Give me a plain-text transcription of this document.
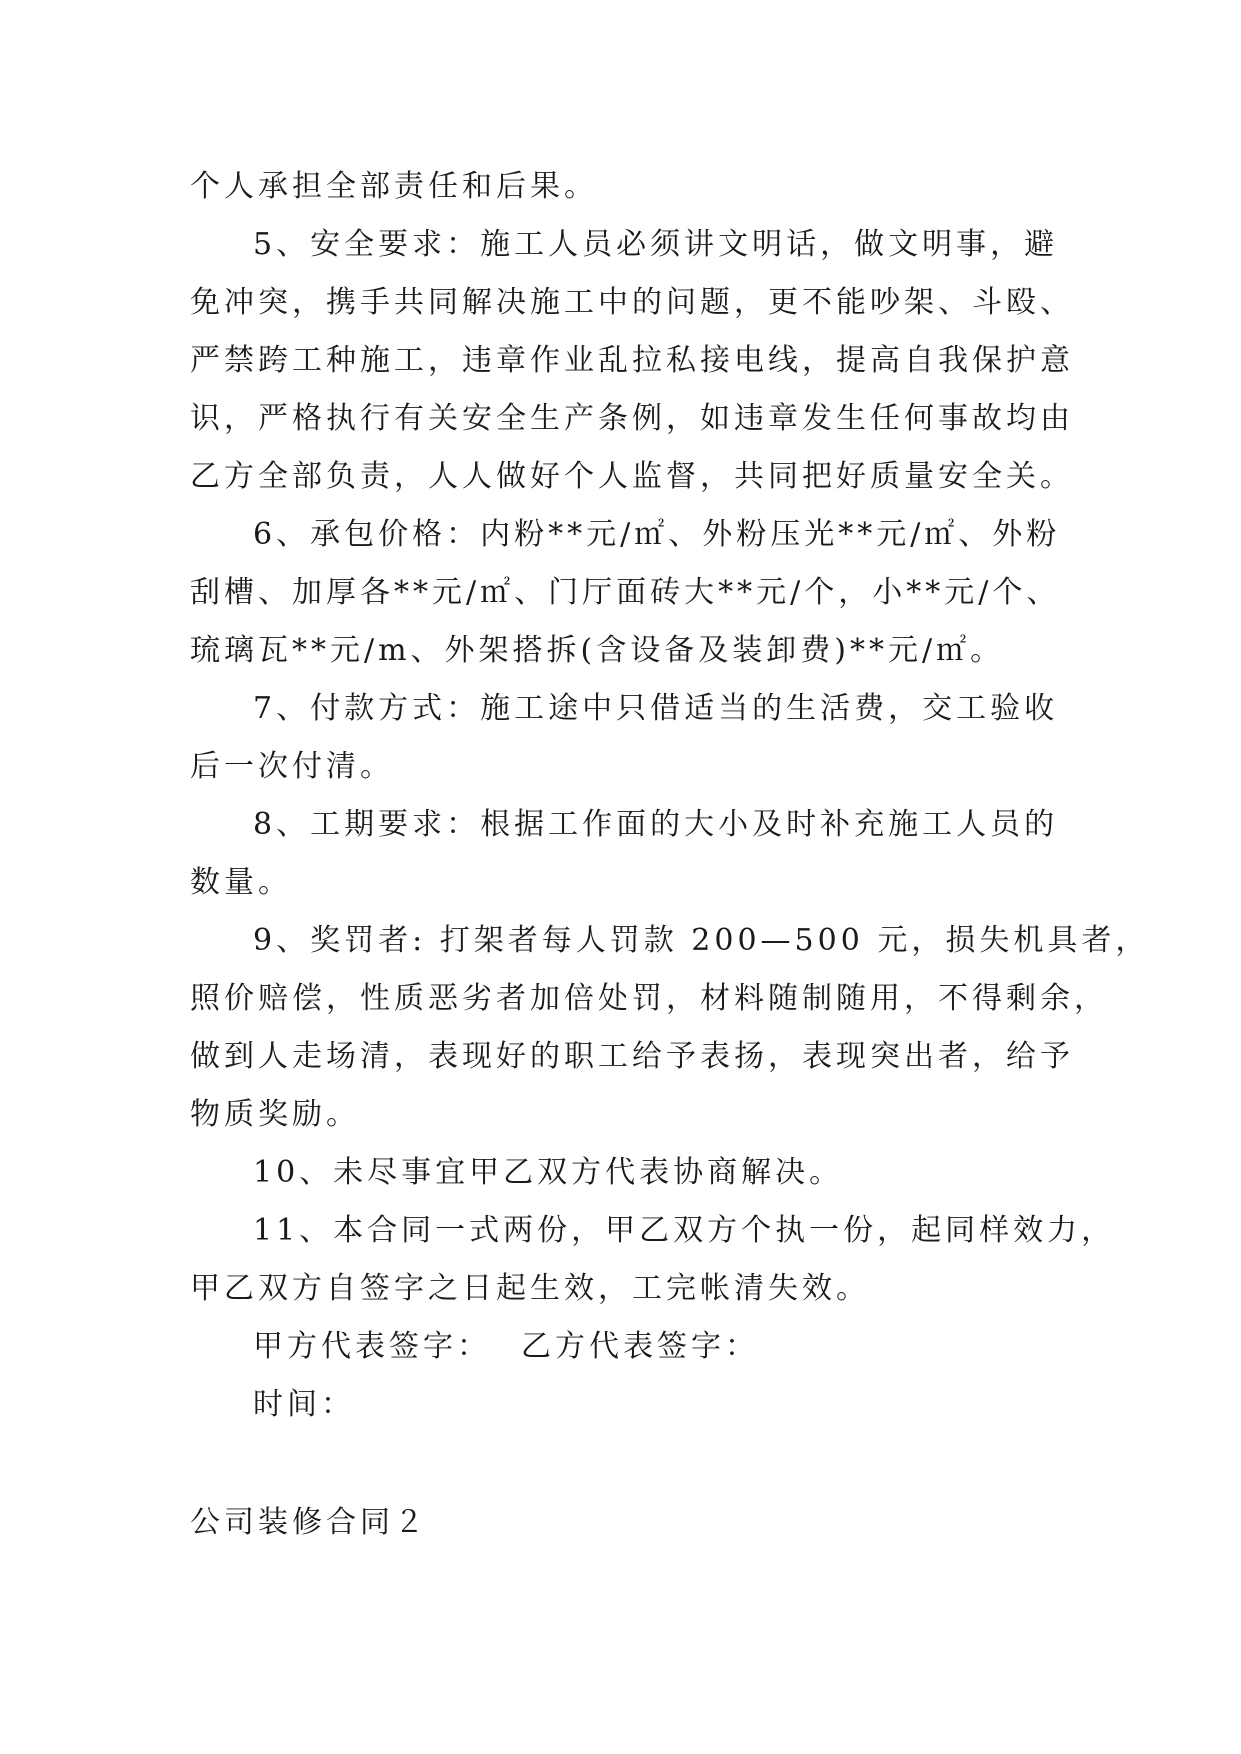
个人承担全部责任和后果。
5、安全要求：施工人员必须讲文明话，做文明事，避
免冲突，携手共同解决施工中的问题，更不能吵架、斗殴、
严禁跨工种施工，违章作业乱拉私接电线，提高自我保护意
识，严格执行有关安全生产条例，如违章发生任何事故均由
乙方全部负责，人人做好个人监督，共同把好质量安全关。
6、承包价格：内粉**元/㎡、外粉压光**元/㎡、外粉
刮槽、加厚各**元/㎡、门厅面砖大**元/个，小**元/个、
琉璃瓦**元/m、外架搭拆(含设备及装卸费)**元/㎡。
7、付款方式：施工途中只借适当的生活费，交工验收
后一次付清。
8、工期要求：根据工作面的大小及时补充施工人员的
数量。
9、奖罚者: 打架者每人罚款 200—500 元，损失机具者，
照价赔偿，性质恶劣者加倍处罚，材料随制随用，不得剩余，
做到人走场清，表现好的职工给予表扬，表现突出者，给予
物质奖励。
10、未尽事宜甲乙双方代表协商解决。
11、本合同一式两份，甲乙双方个执一份，起同样效力，
甲乙双方自签字之日起生效，工完帐清失效。
甲方代表签字： 乙方代表签字：
时间：
公司装修合同２
